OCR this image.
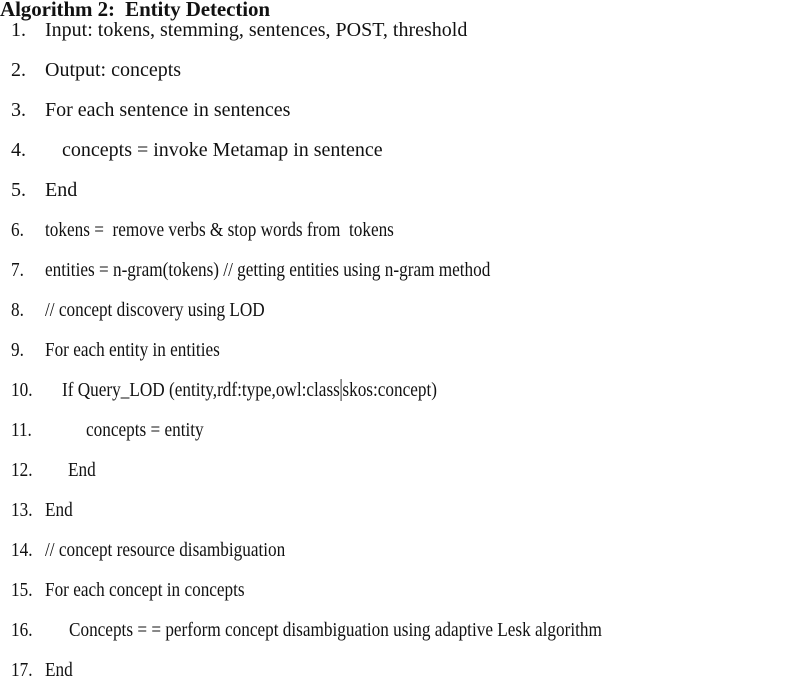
Algorithm 2:  Entity Detection
1. Input: tokens, stemming, sentences, POST, threshold
2. Output: concepts
3. For each sentence in sentences
4. concepts = invoke Metamap in sentence
5. End
6. tokens =  remove verbs & stop words from  tokens
7. entities = n-gram(tokens) // getting entities using n-gram method
8. // concept discovery using LOD
9. For each entity in entities
10. If Query_LOD (entity,rdf:type,owl:class skos:concept)
11.	concepts = entity
12. End
13. End
14. // concept resource disambiguation
15. For each concept in concepts
16. Concepts = = perform concept disambiguation using adaptive Lesk algorithm
17. End
